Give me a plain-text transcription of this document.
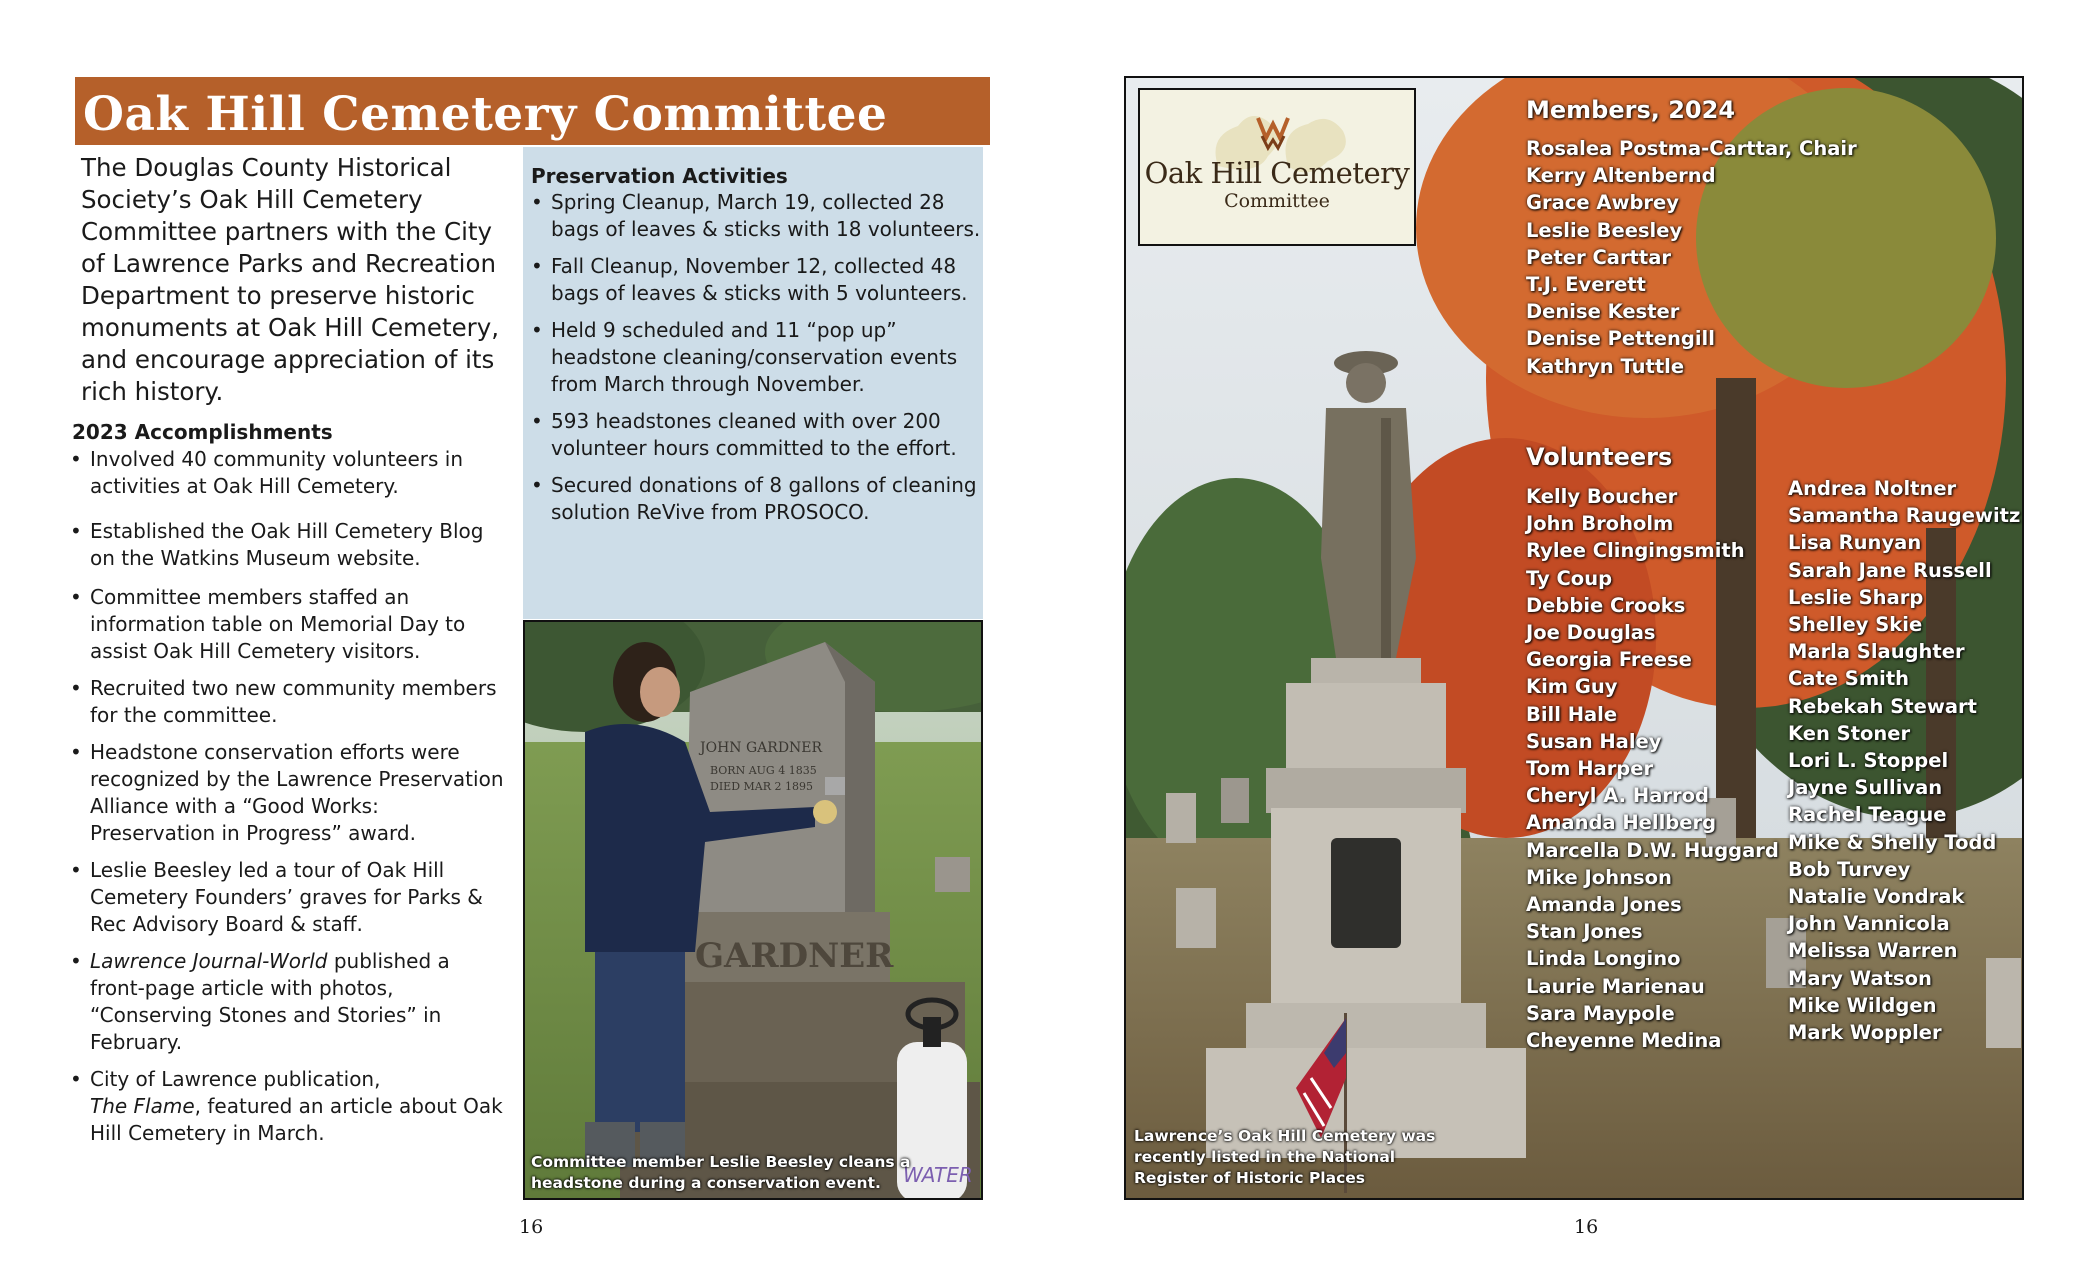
Oak Hill Cemetery Committee

The Douglas County Historical Society’s Oak Hill Cemetery Committee partners with the City of Lawrence Parks and Recreation Department to preserve historic monuments at Oak Hill Cemetery, and encourage appreciation of its rich history.

2023 Accomplishments
• Involved 40 community volunteers in activities at Oak Hill Cemetery.
• Established the Oak Hill Cemetery Blog on the Watkins Museum website.
• Committee members staffed an information table on Memorial Day to assist Oak Hill Cemetery visitors.
• Recruited two new community members for the committee.
• Headstone conservation efforts were recognized by the Lawrence Preservation Alliance with a “Good Works: Preservation in Progress” award.
• Leslie Beesley led a tour of Oak Hill Cemetery Founders’ graves for Parks & Rec Advisory Board & staff.
• Lawrence Journal-World published a front-page article with photos, “Conserving Stones and Stories” in February.
• City of Lawrence publication,
The Flame, featured an article about Oak Hill Cemetery in March.
Preservation Activities
• Spring Cleanup, March 19, collected 28 bags of leaves & sticks with 18 volunteers.
• Fall Cleanup, November 12, collected 48 bags of leaves & sticks with 5 volunteers.
• Held 9 scheduled and 11 “pop up” headstone cleaning/conservation events from March through November.
• 593 headstones cleaned with over 200 volunteer hours committed to the effort.
• Secured donations of 8 gallons of cleaning solution ReVive from PROSOCO.
JOHN GARDNER
BORN AUG 4 1835
DIED MAR 2 1895
GARDNER
WATER
Committee member Leslie Beesley cleans a headstone during a conservation event.
16
Oak Hill Cemetery
Committee
Members, 2024
Rosalea Postma-Carttar, Chair
Kerry Altenbernd
Grace Awbrey
Leslie Beesley
Peter Carttar
T.J. Everett
Denise Kester
Denise Pettengill
Kathryn Tuttle
Volunteers
Kelly Boucher
John Broholm
Rylee Clingingsmith
Ty Coup
Debbie Crooks
Joe Douglas
Georgia Freese
Kim Guy
Bill Hale
Susan Haley
Tom Harper
Cheryl A. Harrod
Amanda Hellberg
Marcella D.W. Huggard
Mike Johnson
Amanda Jones
Stan Jones
Linda Longino
Laurie Marienau
Sara Maypole
Cheyenne Medina
Andrea Noltner
Samantha Raugewitz
Lisa Runyan
Sarah Jane Russell
Leslie Sharp
Shelley Skie
Marla Slaughter
Cate Smith
Rebekah Stewart
Ken Stoner
Lori L. Stoppel
Jayne Sullivan
Rachel Teague
Mike & Shelly Todd
Bob Turvey
Natalie Vondrak
John Vannicola
Melissa Warren
Mary Watson
Mike Wildgen
Mark Woppler
Lawrence’s Oak Hill Cemetery was recently listed in the National Register of Historic Places
16
